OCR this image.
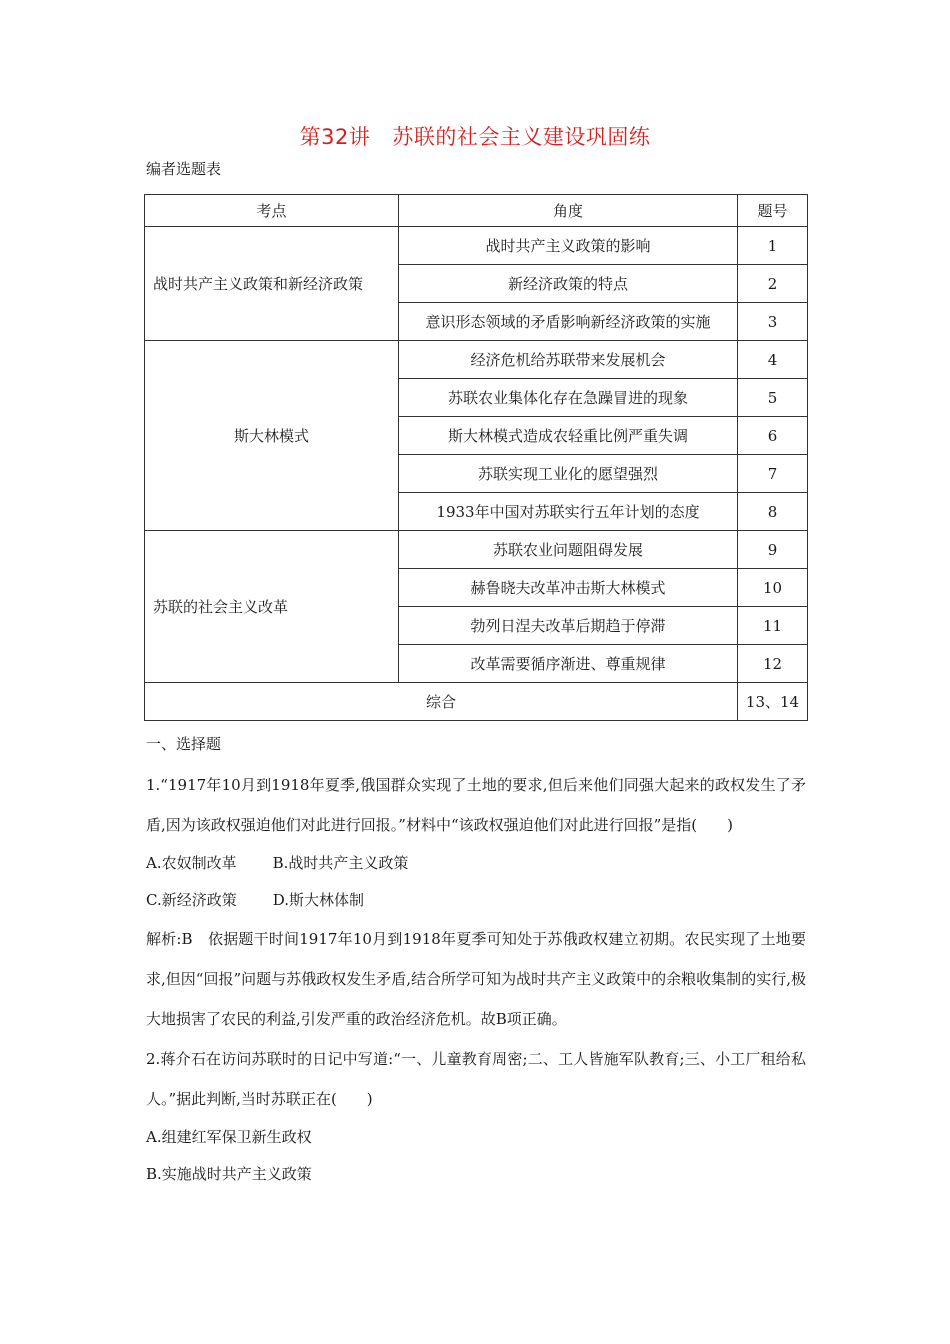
第32讲 苏联的社会主义建设巩固练
编者选题表
考点	角度	题号
战时共产主义政策和新经济政策	战时共产主义政策的影响	1
	新经济政策的特点	2
	意识形态领域的矛盾影响新经济政策的实施	3
斯大林模式	经济危机给苏联带来发展机会	4
	苏联农业集体化存在急躁冒进的现象	5
	斯大林模式造成农轻重比例严重失调	6
	苏联实现工业化的愿望强烈	7
	1933年中国对苏联实行五年计划的态度	8
苏联的社会主义改革	苏联农业问题阻碍发展	9
	赫鲁晓夫改革冲击斯大林模式	10
	勃列日涅夫改革后期趋于停滞	11
	改革需要循序渐进、尊重规律	12
综合		13、14
一、选择题
1.“1917年10月到1918年夏季,俄国群众实现了土地的要求,但后来他们同强大起来的政权发生了矛盾,因为该政权强迫他们对此进行回报。”材料中“该政权强迫他们对此进行回报”是指(　　)
A.农奴制改革 B.战时共产主义政策
C.新经济政策 D.斯大林体制
解析:B　依据题干时间1917年10月到1918年夏季可知处于苏俄政权建立初期。农民实现了土地要求,但因“回报”问题与苏俄政权发生矛盾,结合所学可知为战时共产主义政策中的余粮收集制的实行,极大地损害了农民的利益,引发严重的政治经济危机。故B项正确。
2.蒋介石在访问苏联时的日记中写道:“一、儿童教育周密;二、工人皆施军队教育;三、小工厂租给私人。”据此判断,当时苏联正在(　　)
A.组建红军保卫新生政权
B.实施战时共产主义政策
